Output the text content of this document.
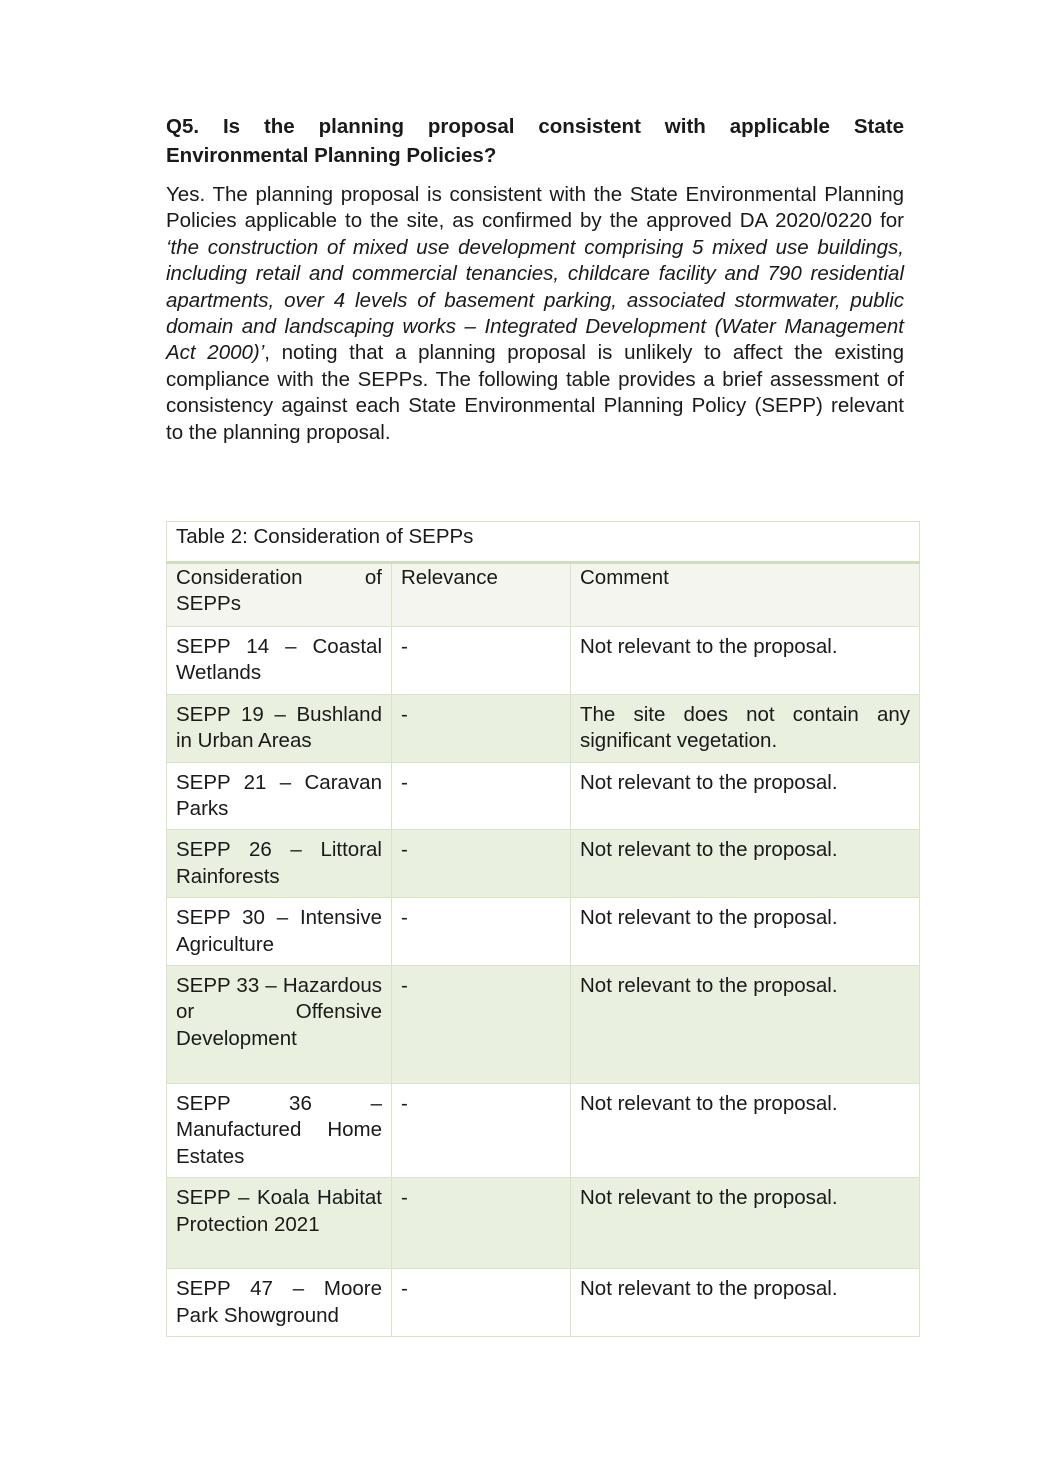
Q5. Is the planning proposal consistent with applicable State Environmental Planning Policies?

Yes. The planning proposal is consistent with the State Environmental Planning Policies applicable to the site, as confirmed by the approved DA 2020/0220 for ‘the construction of mixed use development comprising 5 mixed use buildings, including retail and commercial tenancies, childcare facility and 790 residential apartments, over 4 levels of basement parking, associated stormwater, public domain and landscaping works – Integrated Development (Water Management Act 2000)’, noting that a planning proposal is unlikely to affect the existing compliance with the SEPPs. The following table provides a brief assessment of consistency against each State Environmental Planning Policy (SEPP) relevant to the planning proposal.

Table 2: Consideration of SEPPs		
Consideration of SEPPs	Relevance	Comment
SEPP 14 – Coastal Wetlands	-	Not relevant to the proposal.
SEPP 19 – Bushland in Urban Areas	-	The site does not contain any significant vegetation.
SEPP 21 – Caravan Parks	-	Not relevant to the proposal.
SEPP 26 – Littoral Rainforests	-	Not relevant to the proposal.
SEPP 30 – Intensive Agriculture	-	Not relevant to the proposal.
SEPP 33 – Hazardous or Offensive Development	-	Not relevant to the proposal.
SEPP 36 – Manufactured Home Estates	-	Not relevant to the proposal.
SEPP – Koala Habitat Protection 2021	-	Not relevant to the proposal.
SEPP 47 – Moore Park Showground	-	Not relevant to the proposal.
